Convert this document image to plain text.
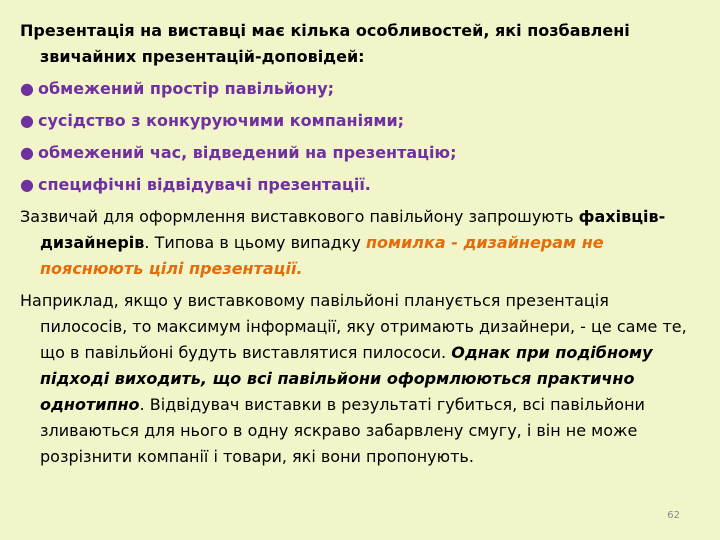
Презентація на виставці має кілька особливостей, які позбавлені звичайних презентацій-доповідей:

● обмежений простір павільйону;

● сусідство з конкуруючими компаніями;

● обмежений час, відведений на презентацію;

● специфічні відвідувачі презентації.

Зазвичай для оформлення виставкового павільйону запрошують фахівців-дизайнерів. Типова в цьому випадку помилка - дизайнерам не пояснюють цілі презентації.

Наприклад, якщо у виставковому павільйоні планується презентація пилососів, то максимум інформації, яку отримають дизайнери, - це саме те, що в павільйоні будуть виставлятися пилососи. Однак при подібному підході виходить, що всі павільйони оформлюються практично однотипно. Відвідувач виставки в результаті губиться, всі павільйони зливаються для нього в одну яскраво забарвлену смугу, і він не може розрізнити компанії і товари, які вони пропонують.

62
